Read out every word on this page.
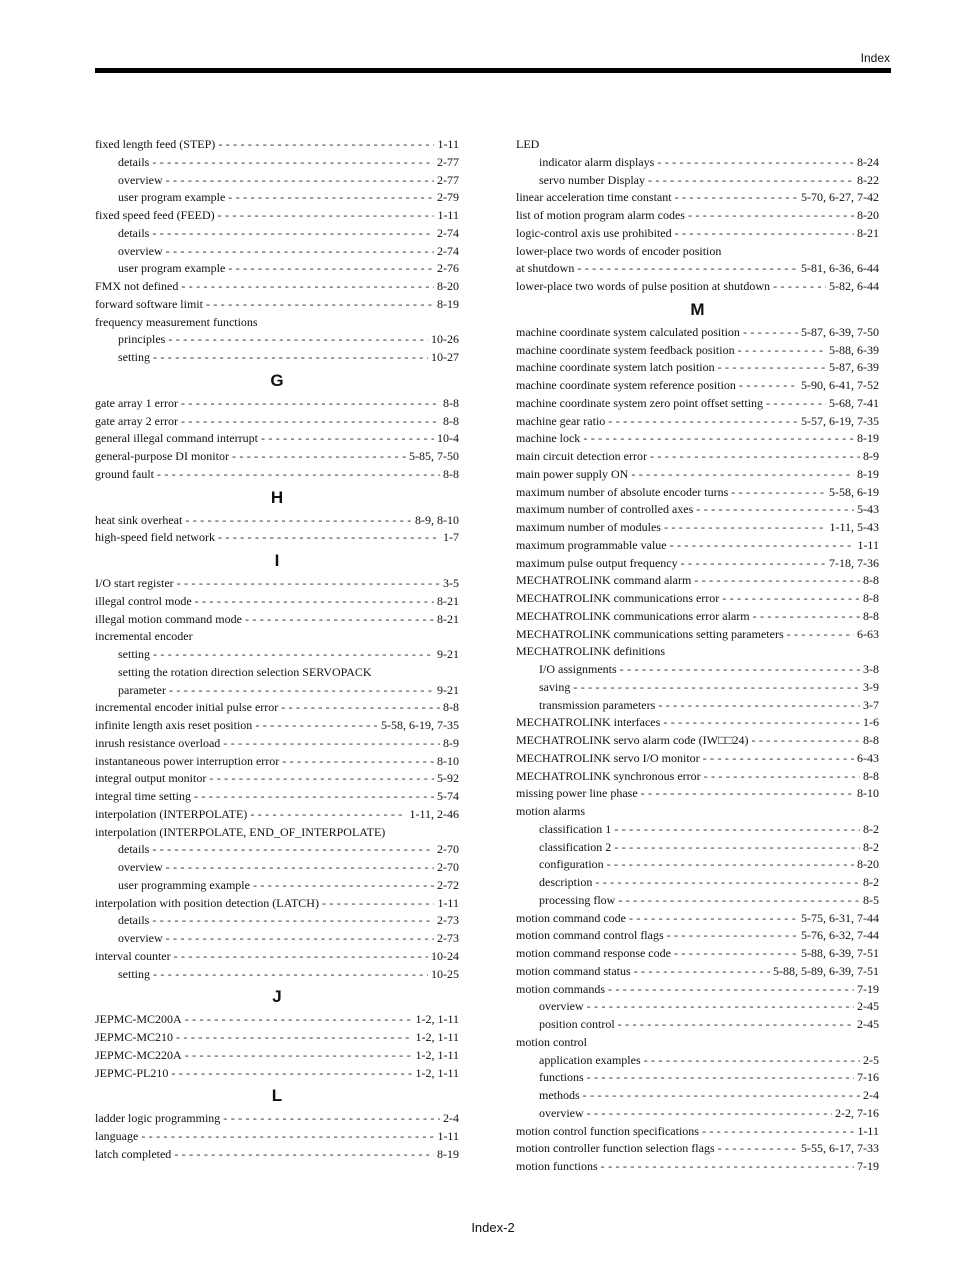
Index
fixed length feed (STEP) - - -	1-11
details - - -	2-77
overview - - -	2-77
user program example - - -	2-79
fixed speed feed (FEED) - - -	1-11
details - - -	2-74
overview - - -	2-74
user program example - - -	2-76
FMX not defined - - -	8-20
forward software limit - - -	8-19
frequency measurement functions
principles - - -	10-26
setting - - -	10-27
G
gate array 1 error - - -	8-8
gate array 2 error - - -	8-8
general illegal command interrupt - - -	10-4
general-purpose DI monitor - - -	5-85, 7-50
ground fault - - -	8-8
H
heat sink overheat - - -	8-9, 8-10
high-speed field network - - -	1-7
I
I/O start register - - -	3-5
illegal control mode - - -	8-21
illegal motion command mode - - -	8-21
incremental encoder
setting - - -	9-21
setting the rotation direction selection SERVOPACK
parameter - - -	9-21
incremental encoder initial pulse error - - -	8-8
infinite length axis reset position - - -	5-58, 6-19, 7-35
inrush resistance overload - - -	8-9
instantaneous power interruption error - - -	8-10
integral output monitor - - -	5-92
integral time setting - - -	5-74
interpolation (INTERPOLATE) - - -	1-11, 2-46
interpolation (INTERPOLATE, END_OF_INTERPOLATE)
details - - -	2-70
overview - - -	2-70
user programming example - - -	2-72
interpolation with position detection (LATCH) - - -	1-11
details - - -	2-73
overview - - -	2-73
interval counter - - -	10-24
setting - - -	10-25
J
JEPMC-MC200A - - -	1-2, 1-11
JEPMC-MC210 - - -	1-2, 1-11
JEPMC-MC220A - - -	1-2, 1-11
JEPMC-PL210 - - -	1-2, 1-11
L
ladder logic programming - - -	2-4
language - - -	1-11
latch completed - - -	8-19
LED
indicator alarm displays - - -	8-24
servo number Display - - -	8-22
linear acceleration time constant - - -	5-70, 6-27, 7-42
list of motion program alarm codes - - -	8-20
logic-control axis use prohibited - - -	8-21
lower-place two words of encoder position
at shutdown - - -	5-81, 6-36, 6-44
lower-place two words of pulse position at shutdown - - -	5-82, 6-44
M
machine coordinate system calculated position - - -	5-87, 6-39, 7-50
machine coordinate system feedback position - - -	5-88, 6-39
machine coordinate system latch position - - -	5-87, 6-39
machine coordinate system reference position - - -	5-90, 6-41, 7-52
machine coordinate system zero point offset setting - - -	5-68, 7-41
machine gear ratio - - -	5-57, 6-19, 7-35
machine lock - - -	8-19
main circuit detection error - - -	8-9
main power supply ON - - -	8-19
maximum number of absolute encoder turns - - -	5-58, 6-19
maximum number of controlled axes - - -	5-43
maximum number of modules - - -	1-11, 5-43
maximum programmable value - - -	1-11
maximum pulse output frequency - - -	7-18, 7-36
MECHATROLINK command alarm - - -	8-8
MECHATROLINK communications error - - -	8-8
MECHATROLINK communications error alarm - - -	8-8
MECHATROLINK communications setting parameters - - -	6-63
MECHATROLINK definitions
I/O assignments - - -	3-8
saving - - -	3-9
transmission parameters - - -	3-7
MECHATROLINK interfaces - - -	1-6
MECHATROLINK servo alarm code (IW□□24) - - -	8-8
MECHATROLINK servo I/O monitor - - -	6-43
MECHATROLINK synchronous error - - -	8-8
missing power line phase - - -	8-10
motion alarms
classification 1 - - -	8-2
classification 2 - - -	8-2
configuration - - -	8-20
description - - -	8-2
processing flow - - -	8-5
motion command code - - -	5-75, 6-31, 7-44
motion command control flags - - -	5-76, 6-32, 7-44
motion command response code - - -	5-88, 6-39, 7-51
motion command status - - -	5-88, 5-89, 6-39, 7-51
motion commands - - -	7-19
overview - - -	2-45
position control - - -	2-45
motion control
application examples - - -	2-5
functions - - -	7-16
methods - - -	2-4
overview - - -	2-2, 7-16
motion control function specifications - - -	1-11
motion controller function selection flags - - -	5-55, 6-17, 7-33
motion functions - - -	7-19
Index-2
